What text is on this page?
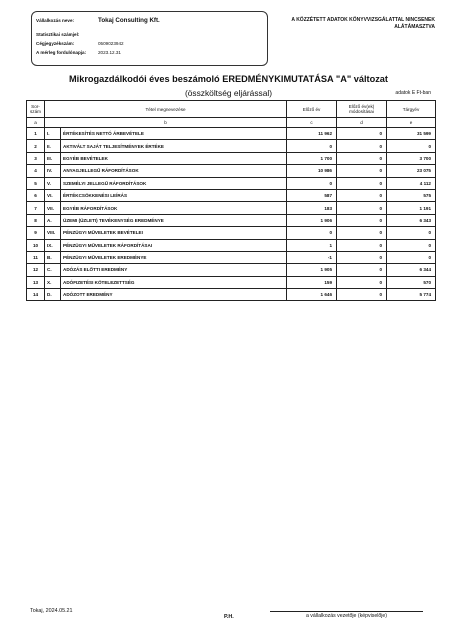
Vállalkozás neve:	Tokaj Consulting Kft.
Statisztikai számjel:
Cégjegyzékszám:	0509023942
A mérleg fordulónapja:	2023.12.31
A KÖZZÉTETT ADATOK KÖNYVVIZSGÁLATTAL NINCSENEK ALÁTÁMASZTVA
Mikrogazdálkodói éves beszámoló EREDMÉNYKIMUTATÁSA "A" változat
(összköltség eljárással)	adatok E Ft-ban
Sor-szám	Tétel megnevezése		Előző év	Előző év(ek) módosításai	Tárgyév
a	b		c	d	e
1	I.	ÉRTÉKESÍTÉS NETTÓ ÁRBEVÉTELE	11 962	0	31 599
2	II.	AKTIVÁLT SAJÁT TELJESÍTMÉNYEK ÉRTÉKE	0	0	0
3	III.	EGYÉB BEVÉTELEK	1 700	0	3 700
4	IV.	ANYAGJELLEGŰ RÁFORDÍTÁSOK	10 986	0	23 075
5	V.	SZEMÉLYI JELLEGŰ RÁFORDÍTÁSOK	0	0	4 112
6	VI.	ÉRTÉKCSÖKKENÉSI LEÍRÁS	587	0	575
7	VII.	EGYÉB RÁFORDÍTÁSOK	183	0	1 191
8	A.	ÜZEMI (ÜZLETI) TEVÉKENYSÉG EREDMÉNYE	1 906	0	6 343
9	VIII.	PÉNZÜGYI MŰVELETEK BEVÉTELEI	0	0	0
10	IX.	PÉNZÜGYI MŰVELETEK RÁFORDÍTÁSAI	1	0	0
11	B.	PÉNZÜGYI MŰVELETEK EREDMÉNYE	-1	0	0
12	C.	ADÓZÁS ELŐTTI EREDMÉNY	1 905	0	6 344
13	X.	ADÓFIZETÉSI KÖTELEZETTSÉG	159	0	570
14	D.	ADÓZOTT EREDMÉNY	1 646	0	5 774
Tokaj, 2024.05.21
P.H.	a vállalkozás vezetője (képviselője)
